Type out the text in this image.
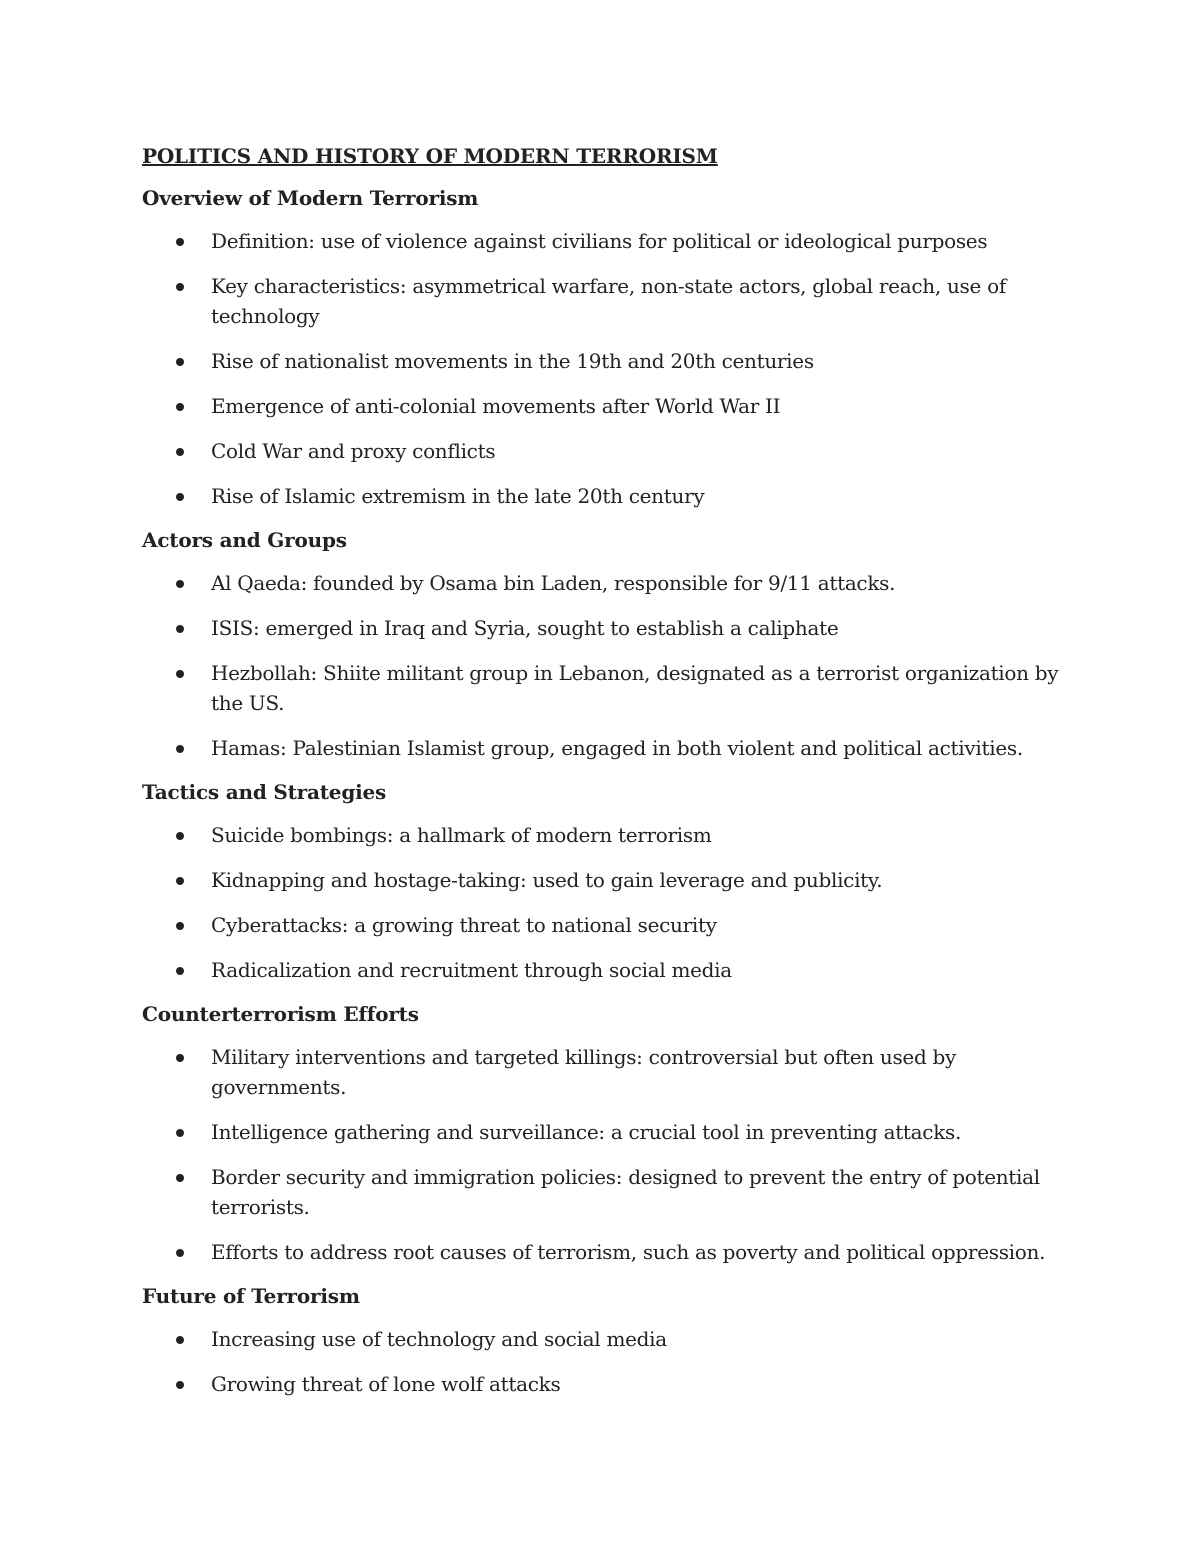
POLITICS AND HISTORY OF MODERN TERRORISM
Overview of Modern Terrorism
Definition: use of violence against civilians for political or ideological purposes
Key characteristics: asymmetrical warfare, non-state actors, global reach, use of technology
Rise of nationalist movements in the 19th and 20th centuries
Emergence of anti-colonial movements after World War II
Cold War and proxy conflicts
Rise of Islamic extremism in the late 20th century
Actors and Groups
Al Qaeda: founded by Osama bin Laden, responsible for 9/11 attacks.
ISIS: emerged in Iraq and Syria, sought to establish a caliphate
Hezbollah: Shiite militant group in Lebanon, designated as a terrorist organization by the US.
Hamas: Palestinian Islamist group, engaged in both violent and political activities.
Tactics and Strategies
Suicide bombings: a hallmark of modern terrorism
Kidnapping and hostage-taking: used to gain leverage and publicity.
Cyberattacks: a growing threat to national security
Radicalization and recruitment through social media
Counterterrorism Efforts
Military interventions and targeted killings: controversial but often used by governments.
Intelligence gathering and surveillance: a crucial tool in preventing attacks.
Border security and immigration policies: designed to prevent the entry of potential terrorists.
Efforts to address root causes of terrorism, such as poverty and political oppression.
Future of Terrorism
Increasing use of technology and social media
Growing threat of lone wolf attacks
